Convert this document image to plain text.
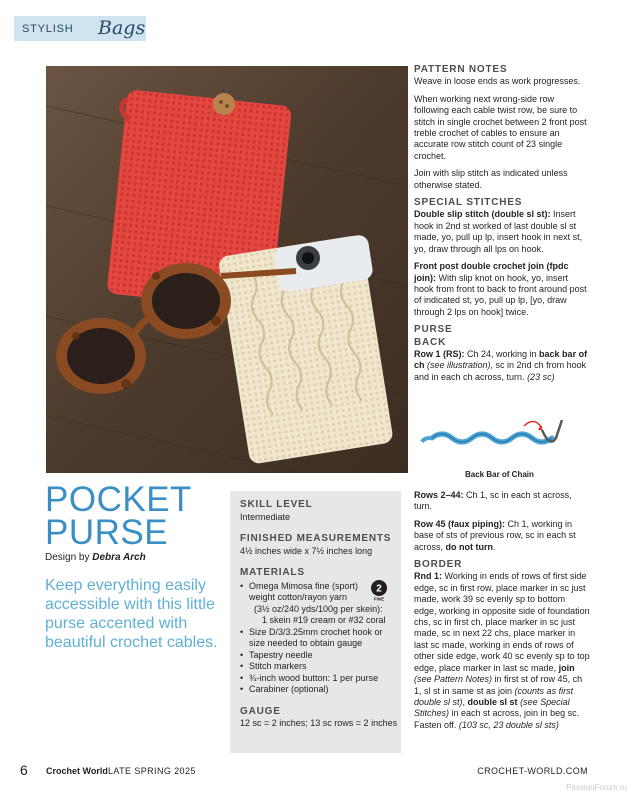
STYLISH Bags
POCKET
PURSE
Design by Debra Arch
Keep everything easily accessible with this little purse accented with beautiful crochet cables.
SKILL LEVEL
Intermediate
FINISHED MEASUREMENTS
4½ inches wide x 7½ inches long
MATERIALS
• Omega Mimosa fine (sport) weight cotton/rayon yarn
(3½ oz/240 yds/100g per skein):
1 skein #19 cream or #32 coral
• Size D/3/3.25mm crochet hook or size needed to obtain gauge
• Tapestry needle
• Stitch markers
• ¾-inch wood button: 1 per purse
• Carabiner (optional)
GAUGE
12 sc = 2 inches; 13 sc rows = 2 inches
2
FINE
PATTERN NOTES

Weave in loose ends as work progresses.

When working next wrong-side row following each cable twist row, be sure to stitch in single crochet between 2 front post treble crochet of cables to ensure an accurate row stitch count of 23 single crochet.

Join with slip stitch as indicated unless otherwise stated.

SPECIAL STITCHES

Double slip stitch (double sl st): Insert hook in 2nd st worked of last double sl st made, yo, pull up lp, insert hook in next st, yo, draw through all lps on hook.

Front post double crochet join (fpdc join): With slip knot on hook, yo, insert hook from front to back to front around post of indicated st, yo, pull up lp, [yo, draw through 2 lps on hook] twice.

PURSE
BACK

Row 1 (RS): Ch 24, working in back bar of ch (see illustration), sc in 2nd ch from hook and in each ch across, turn. (23 sc)

Back Bar of Chain

Rows 2–44: Ch 1, sc in each st across, turn.

Row 45 (faux piping): Ch 1, working in base of sts of previous row, sc in each st across, do not turn.

BORDER

Rnd 1: Working in ends of rows of first side edge, sc in first row, place marker in sc just made, work 39 sc evenly sp to bottom edge, working in opposite side of foundation chs, sc in first ch, place marker in sc just made, sc in next 22 chs, place marker in last sc made, working in ends of rows of other side edge, work 40 sc evenly sp to top edge, place marker in last sc made, join (see Pattern Notes) in first st of row 45, ch 1, sl st in same st as join (counts as first double sl st), double sl st (see Special Stitches) in each st across, join in beg sc. Fasten off. (103 sc, 23 double sl sts)

6 Crochet World LATE SPRING 2025	CROCHET-WORLD.COM
PassionForum.ru
